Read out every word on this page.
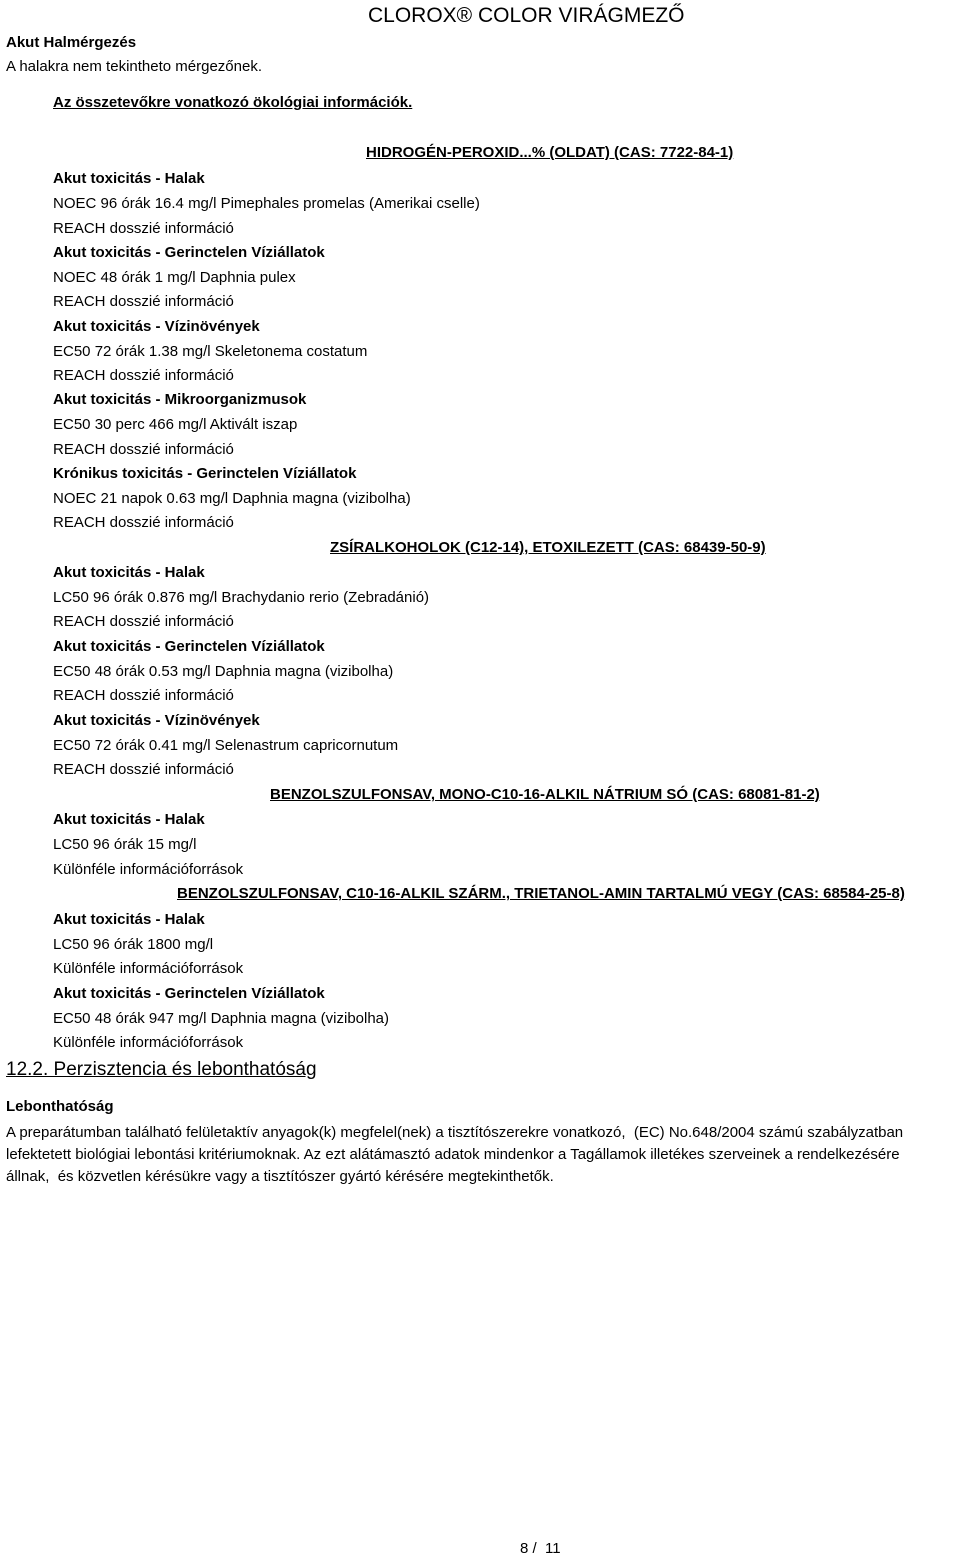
CLOROX® COLOR VIRÁGMEZŐ
Akut Halmérgezés
A halakra nem tekintheto mérgezőnek.
Az összetevőkre vonatkozó ökológiai információk.
HIDROGÉN-PEROXID...% (OLDAT) (CAS: 7722-84-1)
Akut toxicitás - Halak
NOEC 96 órák 16.4 mg/l Pimephales promelas (Amerikai cselle)
REACH dosszié információ
Akut toxicitás - Gerinctelen Víziállatok
NOEC 48 órák 1 mg/l Daphnia pulex
REACH dosszié információ
Akut toxicitás - Vízinövények
EC50 72 órák 1.38 mg/l Skeletonema costatum
REACH dosszié információ
Akut toxicitás - Mikroorganizmusok
EC50 30 perc 466 mg/l Aktivált iszap
REACH dosszié információ
Krónikus toxicitás - Gerinctelen Víziállatok
NOEC 21 napok 0.63 mg/l Daphnia magna (vizibolha)
REACH dosszié információ
ZSÍRALKOHOLOK (C12-14), ETOXILEZETT (CAS: 68439-50-9)
Akut toxicitás - Halak
LC50 96 órák 0.876 mg/l Brachydanio rerio (Zebradánió)
REACH dosszié információ
Akut toxicitás - Gerinctelen Víziállatok
EC50 48 órák 0.53 mg/l Daphnia magna (vizibolha)
REACH dosszié információ
Akut toxicitás - Vízinövények
EC50 72 órák 0.41 mg/l Selenastrum capricornutum
REACH dosszié információ
BENZOLSZULFONSAV, MONO-C10-16-ALKIL NÁTRIUM SÓ (CAS: 68081-81-2)
Akut toxicitás - Halak
LC50 96 órák 15 mg/l
Különféle információforrások
BENZOLSZULFONSAV, C10-16-ALKIL SZÁRM., TRIETANOL-AMIN TARTALMÚ VEGY (CAS: 68584-25-8)
Akut toxicitás - Halak
LC50 96 órák 1800 mg/l
Különféle információforrások
Akut toxicitás - Gerinctelen Víziállatok
EC50 48 órák 947 mg/l Daphnia magna (vizibolha)
Különféle információforrások
12.2. Perzisztencia és lebonthatóság
Lebonthatóság

A preparátumban található felületaktív anyagok(k) megfelel(nek) a tisztítószerekre vonatkozó,  (EC) No.648/2004 számú szabályzatban

lefektetett biológiai lebontási kritériumoknak. Az ezt alátámasztó adatok mindenkor a Tagállamok illetékes szerveinek a rendelkezésére

állnak,  és közvetlen kérésükre vagy a tisztítószer gyártó kérésére megtekinthetők.

8 /  11
